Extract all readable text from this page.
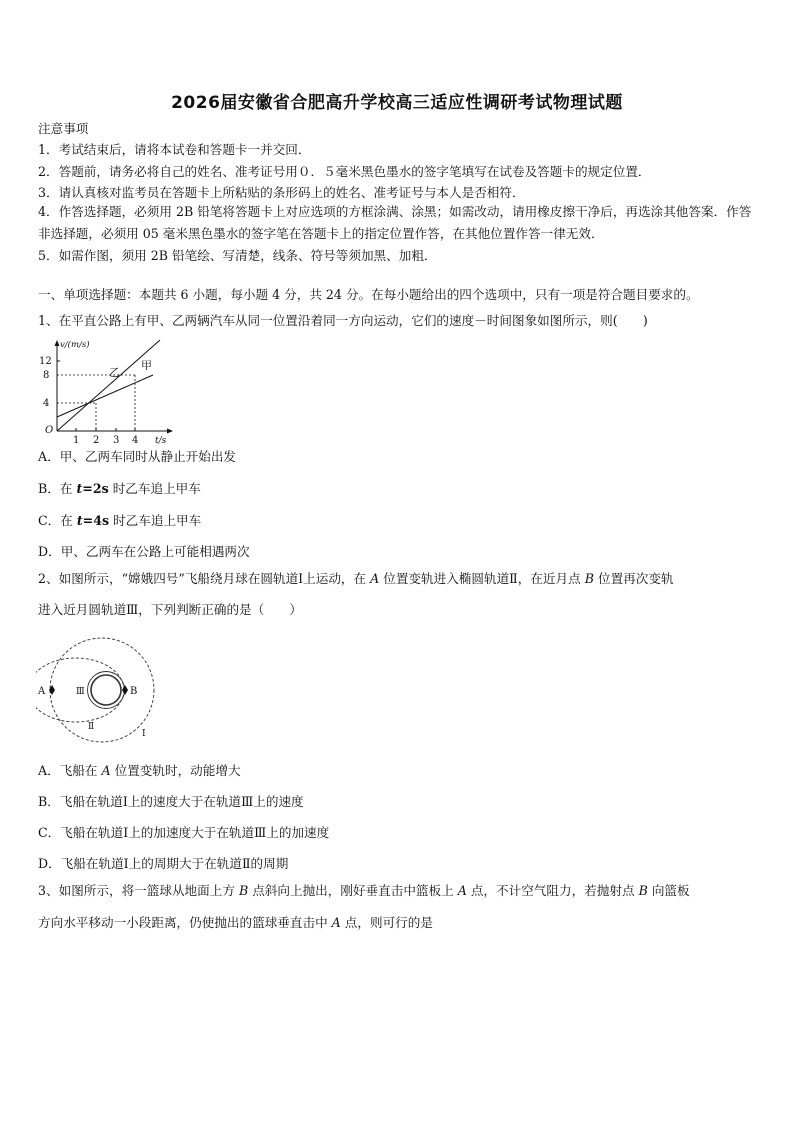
2026届安徽省合肥高升学校高三适应性调研考试物理试题
注意事项
1．考试结束后，请将本试卷和答题卡一并交回．
2．答题前，请务必将自己的姓名、准考证号用０．５毫米黑色墨水的签字笔填写在试卷及答题卡的规定位置．
3．请认真核对监考员在答题卡上所粘贴的条形码上的姓名、准考证号与本人是否相符．
4．作答选择题，必须用 2B 铅笔将答题卡上对应选项的方框涂满、涂黑；如需改动，请用橡皮擦干净后，再选涂其他答案．作答非选择题，必须用 05 毫米黑色墨水的签字笔在答题卡上的指定位置作答，在其他位置作答一律无效．
5．如需作图，须用 2B 铅笔绘、写清楚，线条、符号等须加黑、加粗．
一、单项选择题：本题共 6 小题，每小题 4 分，共 24 分。在每小题给出的四个选项中，只有一项是符合题目要求的。
1、在平直公路上有甲、乙两辆汽车从同一位置沿着同一方向运动，它们的速度－时间图象如图所示，则(　　)
v/(m/s)
12
8
4
O
1 2 3 4 t/s
甲
乙
A．甲、乙两车同时从静止开始出发
B．在 t=2s 时乙车追上甲车
C．在 t=4s 时乙车追上甲车
D．甲、乙两车在公路上可能相遇两次
2、如图所示，“嫦娥四号”飞船绕月球在圆轨道Ⅰ上运动，在 A 位置变轨进入椭圆轨道Ⅱ，在近月点 B 位置再次变轨
进入近月圆轨道Ⅲ，下列判断正确的是（　　）
A	B
Ⅲ
Ⅱ
Ⅰ
A．飞船在 A 位置变轨时，动能增大
B．飞船在轨道Ⅰ上的速度大于在轨道Ⅲ上的速度
C．飞船在轨道Ⅰ上的加速度大于在轨道Ⅲ上的加速度
D．飞船在轨道Ⅰ上的周期大于在轨道Ⅱ的周期
3、如图所示，将一篮球从地面上方 B 点斜向上抛出，刚好垂直击中篮板上 A 点，不计空气阻力，若抛射点 B 向篮板
方向水平移动一小段距离，仍使抛出的篮球垂直击中 A 点，则可行的是
